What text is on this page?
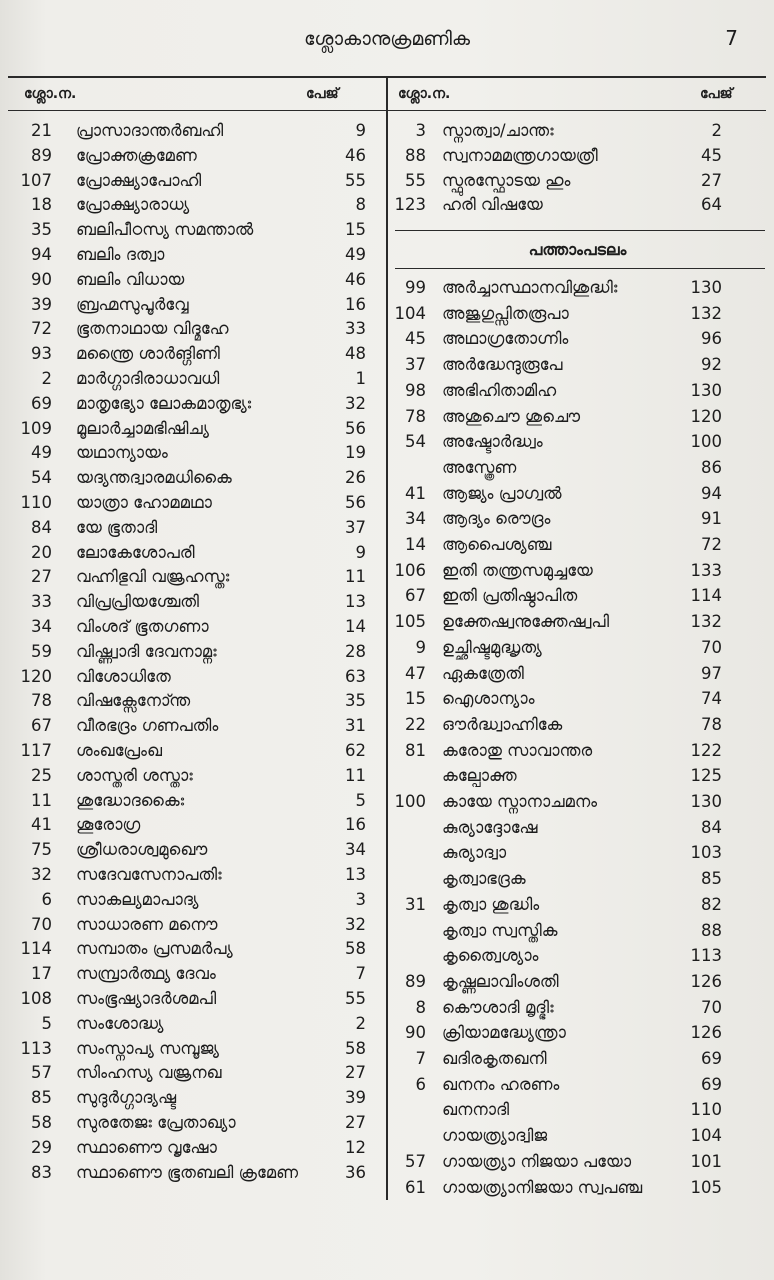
ശ്ലോകാനുക്രമണിക	7
ശ്ലോ.ന.	പേജ്	ശ്ലോ.ന.	പേജ്
21 പ്രാസാദാന്തർബഹി	9
89 പ്രോക്തക്രമേണ	46
107 പ്രോക്ഷ്യാപോഹി	55
18 പ്രോക്ഷ്യാരാധ്യ	8
35 ബലിപീഠസ്യ സമന്താൽ	15
94 ബലിം ദത്വാ	49
90 ബലിം വിധായ	46
39 ബ്രഹ്മസുപൂർവ്വേ	16
72 ഭൂതനാഥായ വിദ്മഹേ	33
93 മന്ത്രൈ ശാർങ്ഗിണി	48
2 മാർഗ്ഗാദിരാധാവധി	1
69 മാതൃഭ്യോ ലോകമാതൃഭ്യഃ	32
109 മൂലാർച്ചാമഭിഷിച്യ	56
49 യഥാന്യായം	19
54 യദ്യന്തദ്വാരമധികൈ	26
110 യാത്രാ ഹോമമഥാ	56
84 യേ ഭൂതാദി	37
20 ലോകേശോപരി	9
27 വഹ്നിഭുവി വജ്രഹസ്തഃ	11
33 വിപ്രപ്രിയശ്ചേതി	13
34 വിംശദ് ഭൂതഗണാ	14
59 വിഷ്ണ്വാദി ദേവനാമ്നഃ	28
120 വിശോധിതേ	63
78 വിഷക്സേനോ്ന്ത	35
67 വീരഭദ്രം ഗണപതിം	31
117 ശംഖപ്രേംഖ	62
25 ശാസ്തരി ശസ്താഃ	11
11 ശുദ്ധോദകൈഃ	5
41 ശൂരോഗ്ര	16
75 ശ്രീധരാശ്വമുഖൌ	34
32 സദേവസേനാപതിഃ	13
6 സാകല്യമാപാദ്യ	3
70 സാധാരണ മനൌ	32
114 സമ്പാതം പ്രസമർപ്യ	58
17 സമ്പ്രാർത്ഥ്യ ദേവം	7
108 സംഭൂഷ്യാദർശമപി	55
5 സംശോദ്ധ്യ	2
113 സംസ്നാപ്യ സമ്പൂജ്യ	58
57 സിംഹസ്യ വജ്രനഖ	27
85 സുദുർഗ്ഗാദ്യഷ്ട	39
58 സുരതേജഃ പ്രേതാഖ്യാ	27
29 സ്ഥാണൌ വൃഷോ	12
83 സ്ഥാണൌ ഭൂതബലി ക്രമേണ	36
3 സ്നാത്വാ/ചാന്തഃ	2
88 സ്വനാമമന്ത്രഗായത്രീ	45
55 സ്ഫുരസ്ഫോടയ ഹും	27
123 ഹരി വിഷയേ	64
പത്താംപടലം
99 അർച്ചാസ്ഥാനവിശുദ്ധിഃ	130
104 അജുഗുപ്സിതരൂപാ	132
45 അഥാഗ്രതോഗ്നിം	96
37 അർദ്ധേന്ദുരൂപേ	92
98 അഭിഹിതാമിഹ	130
78 അശുചൌ ശുചൌ	120
54 അഷ്ടോർദ്ധ്വം	100
അസ്ത്രേണ	86
41 ആജ്യം പ്രാഗ്വൽ	94
34 ആദ്യം രൌദ്രം	91
14 ആപൈശ്യഞ്ച	72
106 ഇതി തന്ത്രസമുച്ചയേ	133
67 ഇതി പ്രതിഷ്ഠാപിത	114
105 ഉക്തേഷ്വനുക്തേഷ്വപി	132
9 ഉച്ഛിഷ്ടമുദ്ധൃത്യ	70
47 ഏകത്രേതി	97
15 ഐശാന്യാം	74
22 ഔർദ്ധ്വാഹ്നികേ	78
81 കരോതു സാവാന്തര	122
കല്പോക്ത	125
100 കായേ സ്നാനാചമനം	130
കുര്യാദ്ദോഷേ	84
കുര്യാദ്വാ	103
കൃത്വാഭദ്രക	85
31 കൃത്വാ ശുദ്ധിം	82
കൃത്വാ സ്വസ്തിക	88
കൃത്വൈശ്യാം	113
89 കൃഷ്ണലാവിംശതി	126
8 കൌശാദി മൃദ്ഭിഃ	70
90 ക്രിയാമദ്ധ്യേന്ത്രാ	126
7 ഖദിരകൃതഖനി	69
6 ഖനനം ഹരണം	69
ഖനനാദി	110
ഗായത്ര്യാദ്വിജ	104
57 ഗായത്ര്യാ നിജയാ പയോ	101
61 ഗായത്ര്യാനിജയാ സ്വപഞ്ച	105
